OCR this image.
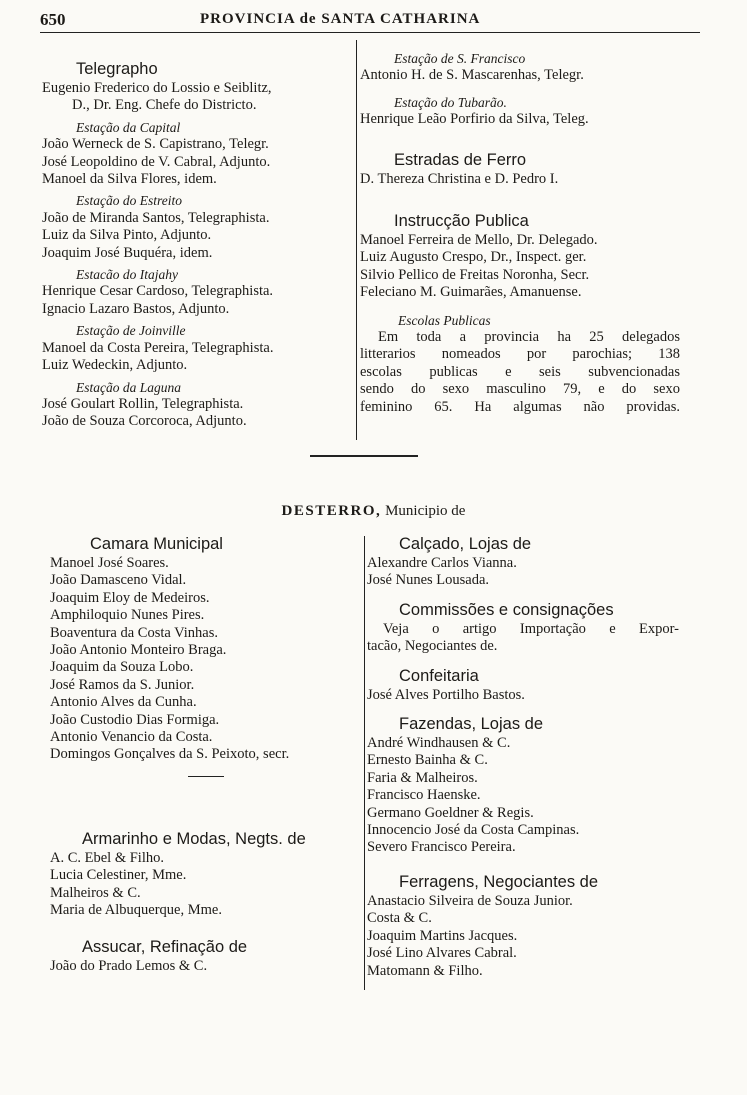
650	PROVINCIA de SANTA CATHARINA
Telegrapho
Eugenio Frederico do Lossio e Seiblitz,
D., Dr. Eng. Chefe do Districto.
Estação da Capital
João Werneck de S. Capistrano, Telegr.
José Leopoldino de V. Cabral, Adjunto.
Manoel da Silva Flores, idem.
Estação do Estreito
João de Miranda Santos, Telegraphista.
Luiz da Silva Pinto, Adjunto.
Joaquim José Buquéra, idem.
Estacão do Itajahy
Henrique Cesar Cardoso, Telegraphista.
Ignacio Lazaro Bastos, Adjunto.
Estação de Joinville
Manoel da Costa Pereira, Telegraphista.
Luiz Wedeckin, Adjunto.
Estação da Laguna
José Goulart Rollin, Telegraphista.
João de Souza Corcoroca, Adjunto.
Estação de S. Francisco
Antonio H. de S. Mascarenhas, Telegr.
Estação do Tubarão.
Henrique Leão Porfirio da Silva, Teleg.
Estradas de Ferro
D. Thereza Christina e D. Pedro I.
Instrucção Publica
Manoel Ferreira de Mello, Dr. Delegado.
Luiz Augusto Crespo, Dr., Inspect. ger.
Silvio Pellico de Freitas Noronha, Secr.
Feleciano M. Guimarães, Amanuense.
Escolas Publicas
Em toda a provincia ha 25 delegados
litterarios nomeados por parochias; 138
escolas publicas e seis subvencionadas
sendo do sexo masculino 79, e do sexo
feminino 65. Ha algumas não providas.
DESTERRO, Municipio de
Camara Municipal
Manoel José Soares.
João Damasceno Vidal.
Joaquim Eloy de Medeiros.
Amphiloquio Nunes Pires.
Boaventura da Costa Vinhas.
João Antonio Monteiro Braga.
Joaquim da Souza Lobo.
José Ramos da S. Junior.
Antonio Alves da Cunha.
João Custodio Dias Formiga.
Antonio Venancio da Costa.
Domingos Gonçalves da S. Peixoto, secr.
Armarinho e Modas, Negts. de
A. C. Ebel & Filho.
Lucia Celestiner, Mme.
Malheiros & C.
Maria de Albuquerque, Mme.
Assucar, Refinação de
João do Prado Lemos & C.
Calçado, Lojas de
Alexandre Carlos Vianna.
José Nunes Lousada.
Commissões e consignações
Veja o artigo Importação e Expor-
tacão, Negociantes de.
Confeitaria
José Alves Portilho Bastos.
Fazendas, Lojas de
André Windhausen & C.
Ernesto Bainha & C.
Faria & Malheiros.
Francisco Haenske.
Germano Goeldner & Regis.
Innocencio José da Costa Campinas.
Severo Francisco Pereira.
Ferragens, Negociantes de
Anastacio Silveira de Souza Junior.
Costa & C.
Joaquim Martins Jacques.
José Lino Alvares Cabral.
Matomann & Filho.
